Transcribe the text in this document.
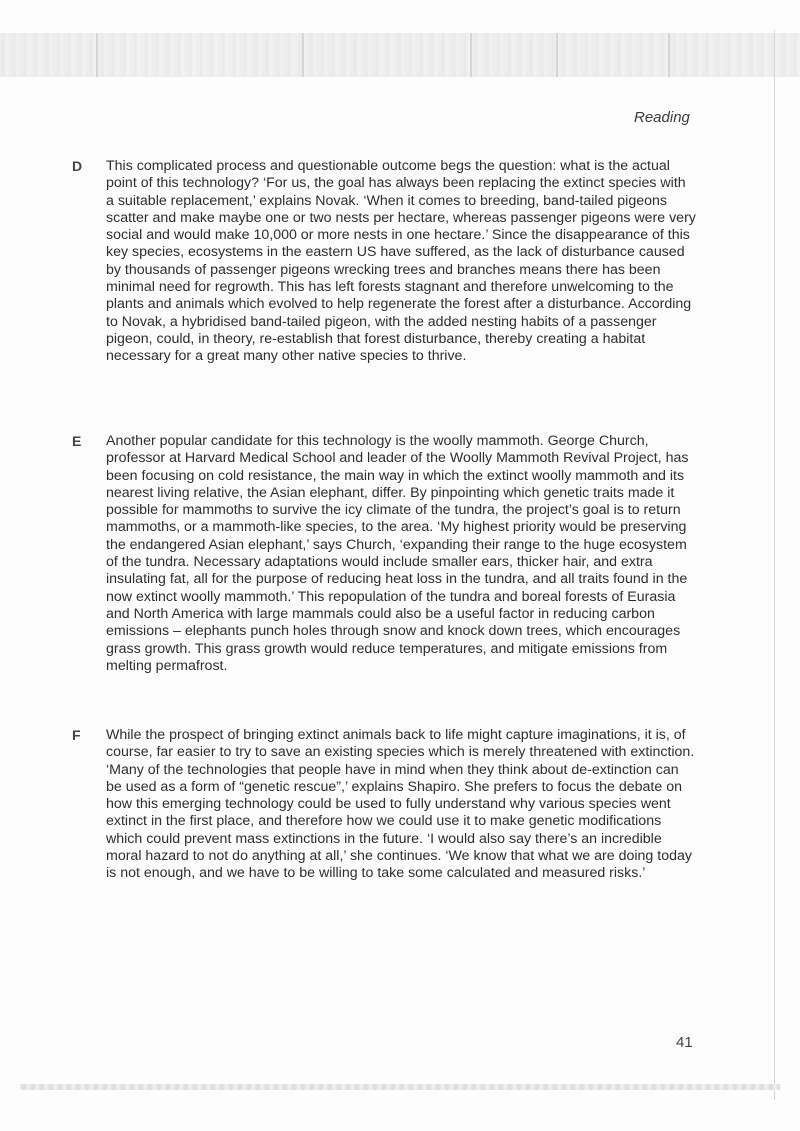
Reading
D	This complicated process and questionable outcome begs the question: what is the actual point of this technology? ‘For us, the goal has always been replacing the extinct species with a suitable replacement,’ explains Novak. ‘When it comes to breeding, band-tailed pigeons scatter and make maybe one or two nests per hectare, whereas passenger pigeons were very social and would make 10,000 or more nests in one hectare.’ Since the disappearance of this key species, ecosystems in the eastern US have suffered, as the lack of disturbance caused by thousands of passenger pigeons wrecking trees and branches means there has been minimal need for regrowth. This has left forests stagnant and therefore unwelcoming to the plants and animals which evolved to help regenerate the forest after a disturbance. According to Novak, a hybridised band-tailed pigeon, with the added nesting habits of a passenger pigeon, could, in theory, re-establish that forest disturbance, thereby creating a habitat necessary for a great many other native species to thrive.
E	Another popular candidate for this technology is the woolly mammoth. George Church, professor at Harvard Medical School and leader of the Woolly Mammoth Revival Project, has been focusing on cold resistance, the main way in which the extinct woolly mammoth and its nearest living relative, the Asian elephant, differ. By pinpointing which genetic traits made it possible for mammoths to survive the icy climate of the tundra, the project’s goal is to return mammoths, or a mammoth-like species, to the area. ‘My highest priority would be preserving the endangered Asian elephant,’ says Church, ‘expanding their range to the huge ecosystem of the tundra. Necessary adaptations would include smaller ears, thicker hair, and extra insulating fat, all for the purpose of reducing heat loss in the tundra, and all traits found in the now extinct woolly mammoth.’ This repopulation of the tundra and boreal forests of Eurasia and North America with large mammals could also be a useful factor in reducing carbon emissions – elephants punch holes through snow and knock down trees, which encourages grass growth. This grass growth would reduce temperatures, and mitigate emissions from melting permafrost.
F	While the prospect of bringing extinct animals back to life might capture imaginations, it is, of course, far easier to try to save an existing species which is merely threatened with extinction. ‘Many of the technologies that people have in mind when they think about de-extinction can be used as a form of “genetic rescue”,’ explains Shapiro. She prefers to focus the debate on how this emerging technology could be used to fully understand why various species went extinct in the first place, and therefore how we could use it to make genetic modifications which could prevent mass extinctions in the future. ‘I would also say there’s an incredible moral hazard to not do anything at all,’ she continues. ‘We know that what we are doing today is not enough, and we have to be willing to take some calculated and measured risks.’
41
